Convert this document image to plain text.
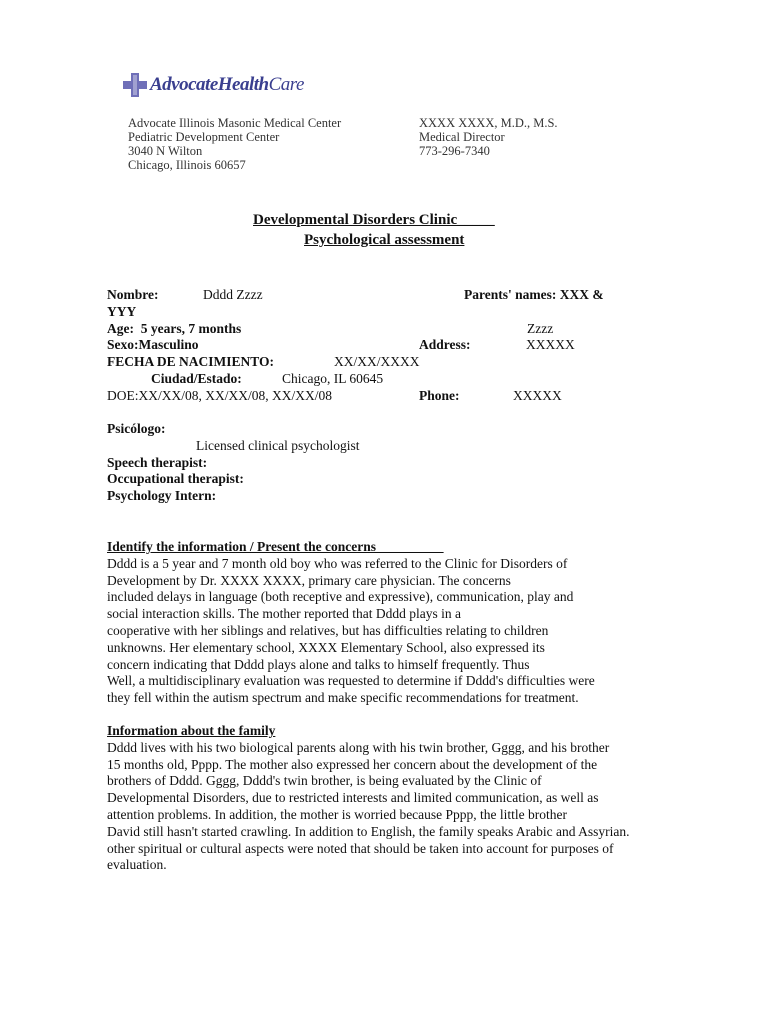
AdvocateHealthCare
Advocate Illinois Masonic Medical Center
Pediatric Development Center
3040 N Wilton
Chicago, Illinois 60657
XXXX XXXX, M.D., M.S.
Medical Director
773-296-7340
Developmental Disorders Clinic_____
Psychological assessment
Nombre:	Dddd Zzzz	Parents' names: XXX &
YYY
Age: 5 years, 7 months	Zzzz
Sexo:Masculino	Address:	XXXXX
FECHA DE NACIMIENTO:	XX/XX/XXXX
Ciudad/Estado:	Chicago, IL 60645
DOE:XX/XX/08, XX/XX/08, XX/XX/08	Phone:	XXXXX
Psicólogo:
Licensed clinical psychologist
Speech therapist:
Occupational therapist:
Psychology Intern:
Identify the information / Present the concerns__________
Dddd is a 5 year and 7 month old boy who was referred to the Clinic for Disorders of
Development by Dr. XXXX XXXX, primary care physician. The concerns
included delays in language (both receptive and expressive), communication, play and
social interaction skills. The mother reported that Dddd plays in a
cooperative with her siblings and relatives, but has difficulties relating to children
unknowns. Her elementary school, XXXX Elementary School, also expressed its
concern indicating that Dddd plays alone and talks to himself frequently. Thus
Well, a multidisciplinary evaluation was requested to determine if Dddd's difficulties were
they fell within the autism spectrum and make specific recommendations for treatment.
Information about the family
Dddd lives with his two biological parents along with his twin brother, Gggg, and his brother
15 months old, Pppp. The mother also expressed her concern about the development of the
brothers of Dddd. Gggg, Dddd's twin brother, is being evaluated by the Clinic of
Developmental Disorders, due to restricted interests and limited communication, as well as
attention problems. In addition, the mother is worried because Pppp, the little brother
David still hasn't started crawling. In addition to English, the family speaks Arabic and Assyrian.
other spiritual or cultural aspects were noted that should be taken into account for purposes of
evaluation.
